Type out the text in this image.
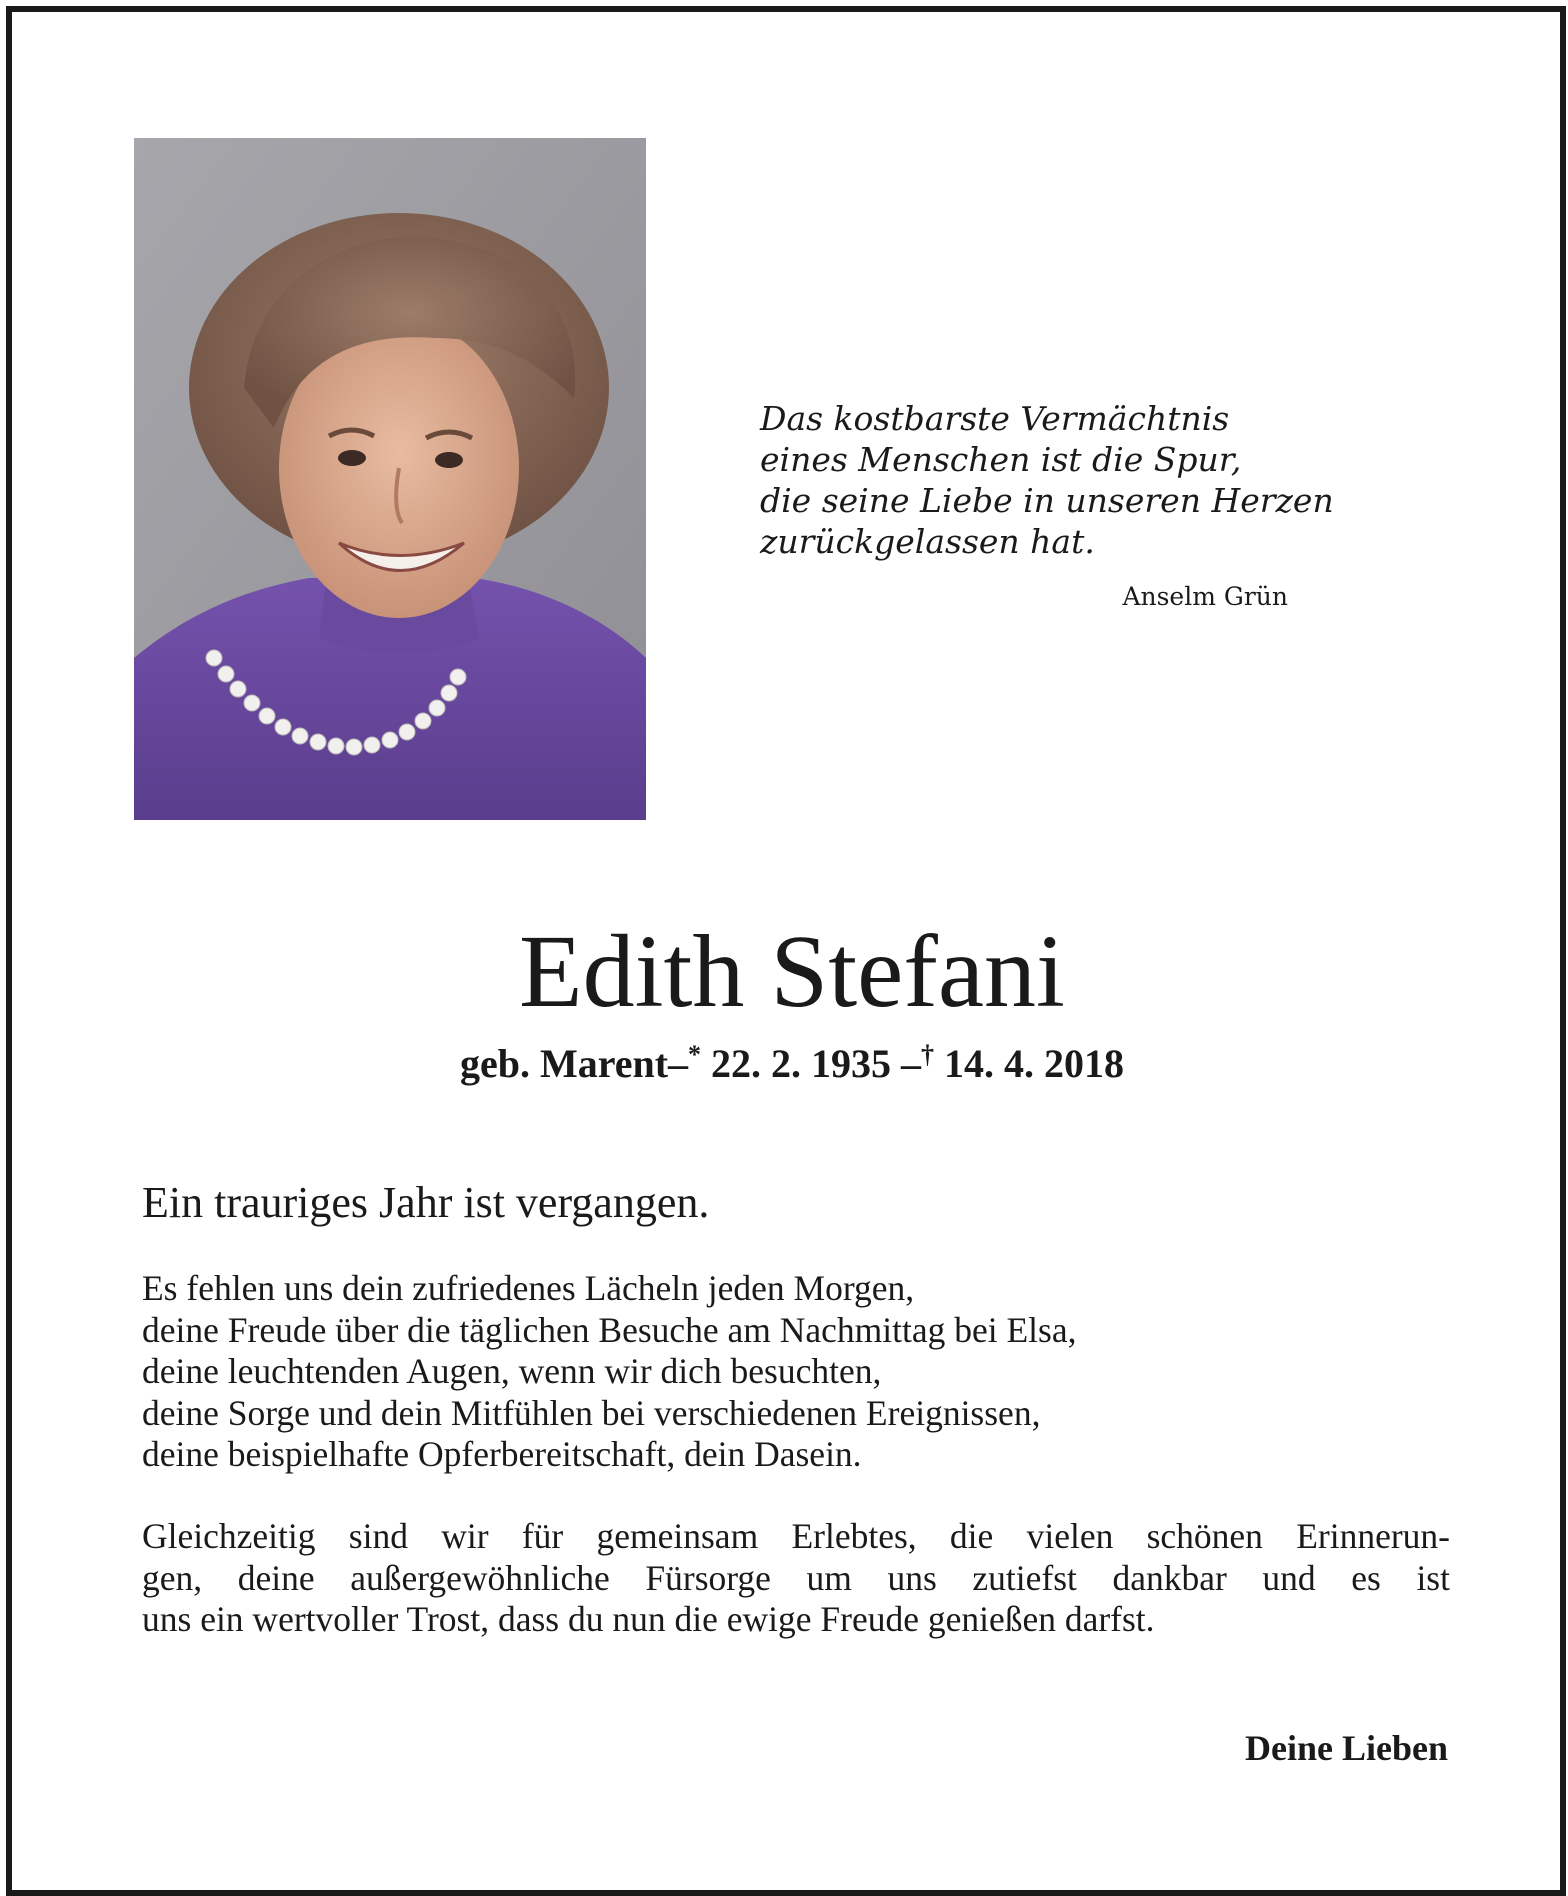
Das kostbarste Vermächtnis
eines Menschen ist die Spur,
die seine Liebe in unseren Herzen
zurückgelassen hat.
Anselm Grün
Edith Stefani
geb. Marent–* 22. 2. 1935 –† 14. 4. 2018
Ein trauriges Jahr ist vergangen.
Es fehlen uns dein zufriedenes Lächeln jeden Morgen,
deine Freude über die täglichen Besuche am Nachmittag bei Elsa,
deine leuchtenden Augen, wenn wir dich besuchten,
deine Sorge und dein Mitfühlen bei verschiedenen Ereignissen,
deine beispielhafte Opferbereitschaft, dein Dasein.
Gleichzeitig sind wir für gemeinsam Erlebtes, die vielen schönen Erinnerun-
gen, deine außergewöhnliche Fürsorge um uns zutiefst dankbar und es ist
uns ein wertvoller Trost, dass du nun die ewige Freude genießen darfst.
Deine Lieben
